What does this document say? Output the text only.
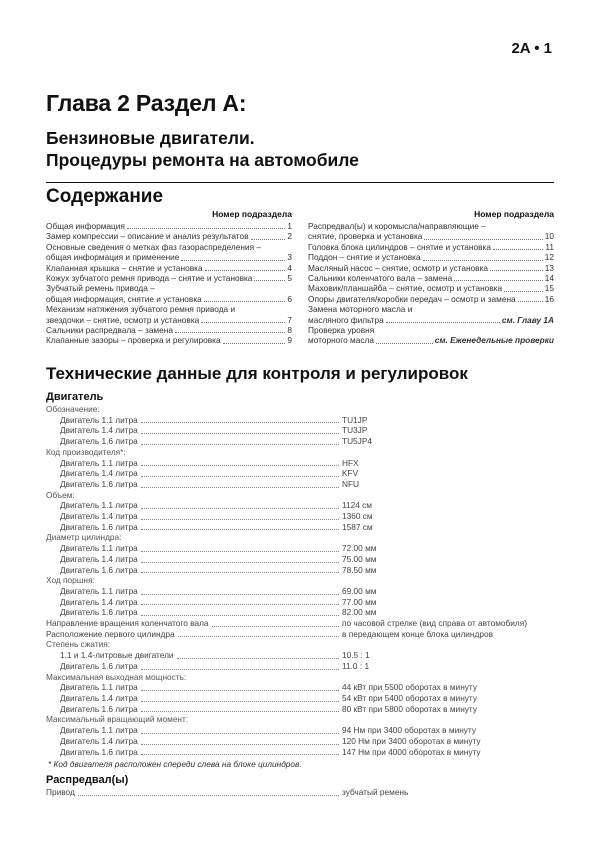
2A • 1
Глава 2 Раздел А:
Бензиновые двигатели.
Процедуры ремонта на автомобиле
Содержание
Номер подраздела
Общая информация	1
Замер компрессии – описание и анализ результатов	2
Основные сведения о метках фаз газораспределения –
общая информация и применение	3
Клапанная крышка – снятие и установка	4
Кожух зубчатого ремня привода – снятие и установка	5
Зубчатый ремень привода –
общая информация, снятие и установка	6
Механизм натяжения зубчатого ремня привода и
звездочки – снятие, осмотр и установка	7
Сальники распредвала – замена	8
Клапанные зазоры – проверка и регулировка	9
Номер подраздела
Распредвал(ы) и коромысла/направляющие –
снятие, проверка и установка	10
Головка блока цилиндров – снятие и установка	11
Поддон – снятие и установка	12
Масляный насос – снятие, осмотр и установка	13
Сальники коленчатого вала – замена	14
Маховик/планшайба – снятие, осмотр и установка	15
Опоры двигателя/коробки передач – осмотр и замена	16
Замена моторного масла и
масляного фильтра	см. Главу 1А
Проверка уровня
моторного масла	см. Еженедельные проверки
Технические данные для контроля и регулировок
Двигатель
Обозначение:
Двигатель 1.1 литра	TU1JP
Двигатель 1.4 литра	TU3JP
Двигатель 1.6 литра	TU5JP4
Код производителя*:
Двигатель 1.1 литра	HFX
Двигатель 1.4 литра	KFV
Двигатель 1.6 литра	NFU
Объем:
Двигатель 1.1 литра	1124 см
Двигатель 1.4 литра	1360 см
Двигатель 1.6 литра	1587 см
Диаметр цилиндра:
Двигатель 1.1 литра	72.00 мм
Двигатель 1.4 литра	75.00 мм
Двигатель 1.6 литра	78.50 мм
Ход поршня:
Двигатель 1.1 литра	69.00 мм
Двигатель 1.4 литра	77.00 мм
Двигатель 1.6 литра	82.00 мм
Направление вращения коленчатого вала	по часовой стрелке (вид справа от автомобиля)
Расположение первого цилиндра	в передающем конце блока цилиндров
Степень сжатия:
1.1 и 1.4-литровые двигатели	10.5 : 1
Двигатель 1.6 литра	11.0 : 1
Максимальная выходная мощность:
Двигатель 1.1 литра	44 кВт при 5500 оборотах в минуту
Двигатель 1.4 литра	54 кВт при 5400 оборотах в минуту
Двигатель 1.6 литра	80 кВт при 5800 оборотах в минуту
Максимальный вращающий момент:
Двигатель 1.1 литра	94 Нм при 3400 оборотах в минуту
Двигатель 1.4 литра	120 Нм при 3400 оборотах в минуту
Двигатель 1.6 литра	147 Нм при 4000 оборотах в минуту
* Код двигателя расположен спереди слева на блоке цилиндров.
Распредвал(ы)
Привод	зубчатый ремень
